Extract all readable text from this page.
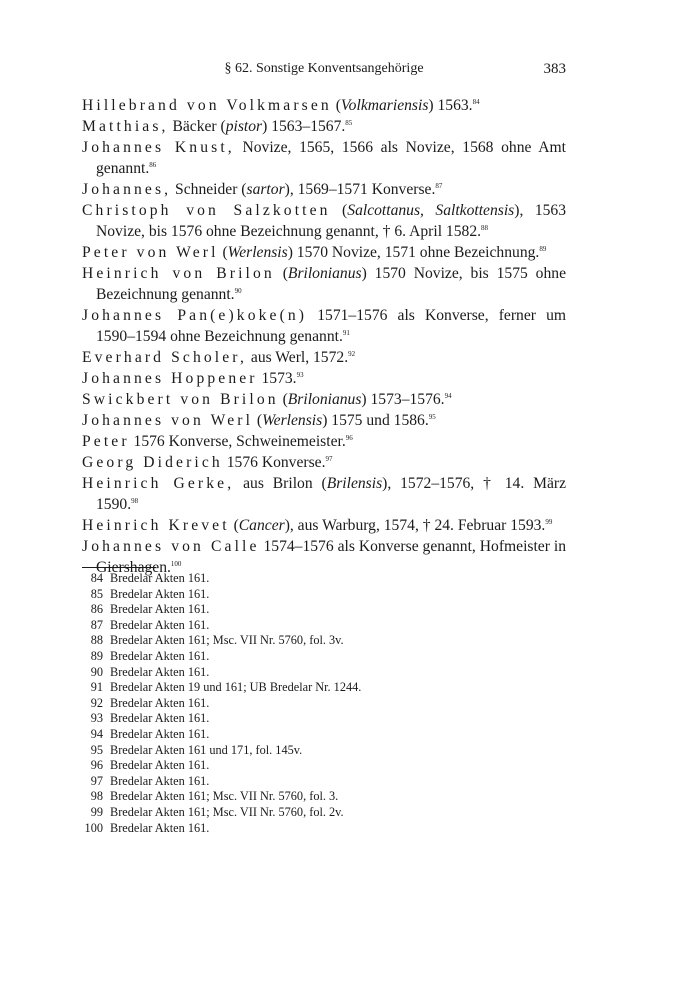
§ 62. Sonstige Konventsangehörige	383
Hillebrand von Volkmarsen (Volkmariensis) 1563.84
Matthias, Bäcker (pistor) 1563–1567.85
Johannes Knust, Novize, 1565, 1566 als Novize, 1568 ohne Amt genannt.$^{86}$
Johannes, Schneider (sartor), 1569–1571 Konverse.$^{87}$
Christoph von Salzkotten (Salcottanus, Saltkottensis), 1563 Novize, bis 1576 ohne Bezeichnung genannt, † 6. April 1582.88
Peter von Werl (Werlensis) 1570 Novize, 1571 ohne Bezeichnung.$^{89}$
Heinrich von Brilon (Brilonianus) 1570 Novize, bis 1575 ohne Bezeichnung genannt.$^{90}$
Johannes Pan(e)koke(n) 1571–1576 als Konverse, ferner um 1590–1594 ohne Bezeichnung genannt.$^{91}$
Everhard Scholer, aus Werl, 1572.92
Johannes Hoppener 1573.93
Swickbert von Brilon (Brilonianus) 1573–1576.94
Johannes von Werl (Werlensis) 1575 und 1586.95
Peter 1576 Konverse, Schweinemeister.$^{96}$
Georg Diderich 1576 Konverse.$^{97}$
Heinrich Gerke, aus Brilon (Brilensis), 1572–1576, † 14. März 1590.98
Heinrich Krevet (Cancer), aus Warburg, 1574, † 24. Februar 1593.99
Johannes von Calle 1574–1576 als Konverse genannt, Hofmeister in Giershagen.$^{100}$
84 Bredelar Akten 161.
85 Bredelar Akten 161.
86 Bredelar Akten 161.
87 Bredelar Akten 161.
88 Bredelar Akten 161; Msc. VII Nr. 5760, fol. 3v.
89 Bredelar Akten 161.
90 Bredelar Akten 161.
91 Bredelar Akten 19 und 161; UB Bredelar Nr. 1244.
92 Bredelar Akten 161.
93 Bredelar Akten 161.
94 Bredelar Akten 161.
95 Bredelar Akten 161 und 171, fol. 145v.
96 Bredelar Akten 161.
97 Bredelar Akten 161.
98 Bredelar Akten 161; Msc. VII Nr. 5760, fol. 3.
99 Bredelar Akten 161; Msc. VII Nr. 5760, fol. 2v.
100 Bredelar Akten 161.
